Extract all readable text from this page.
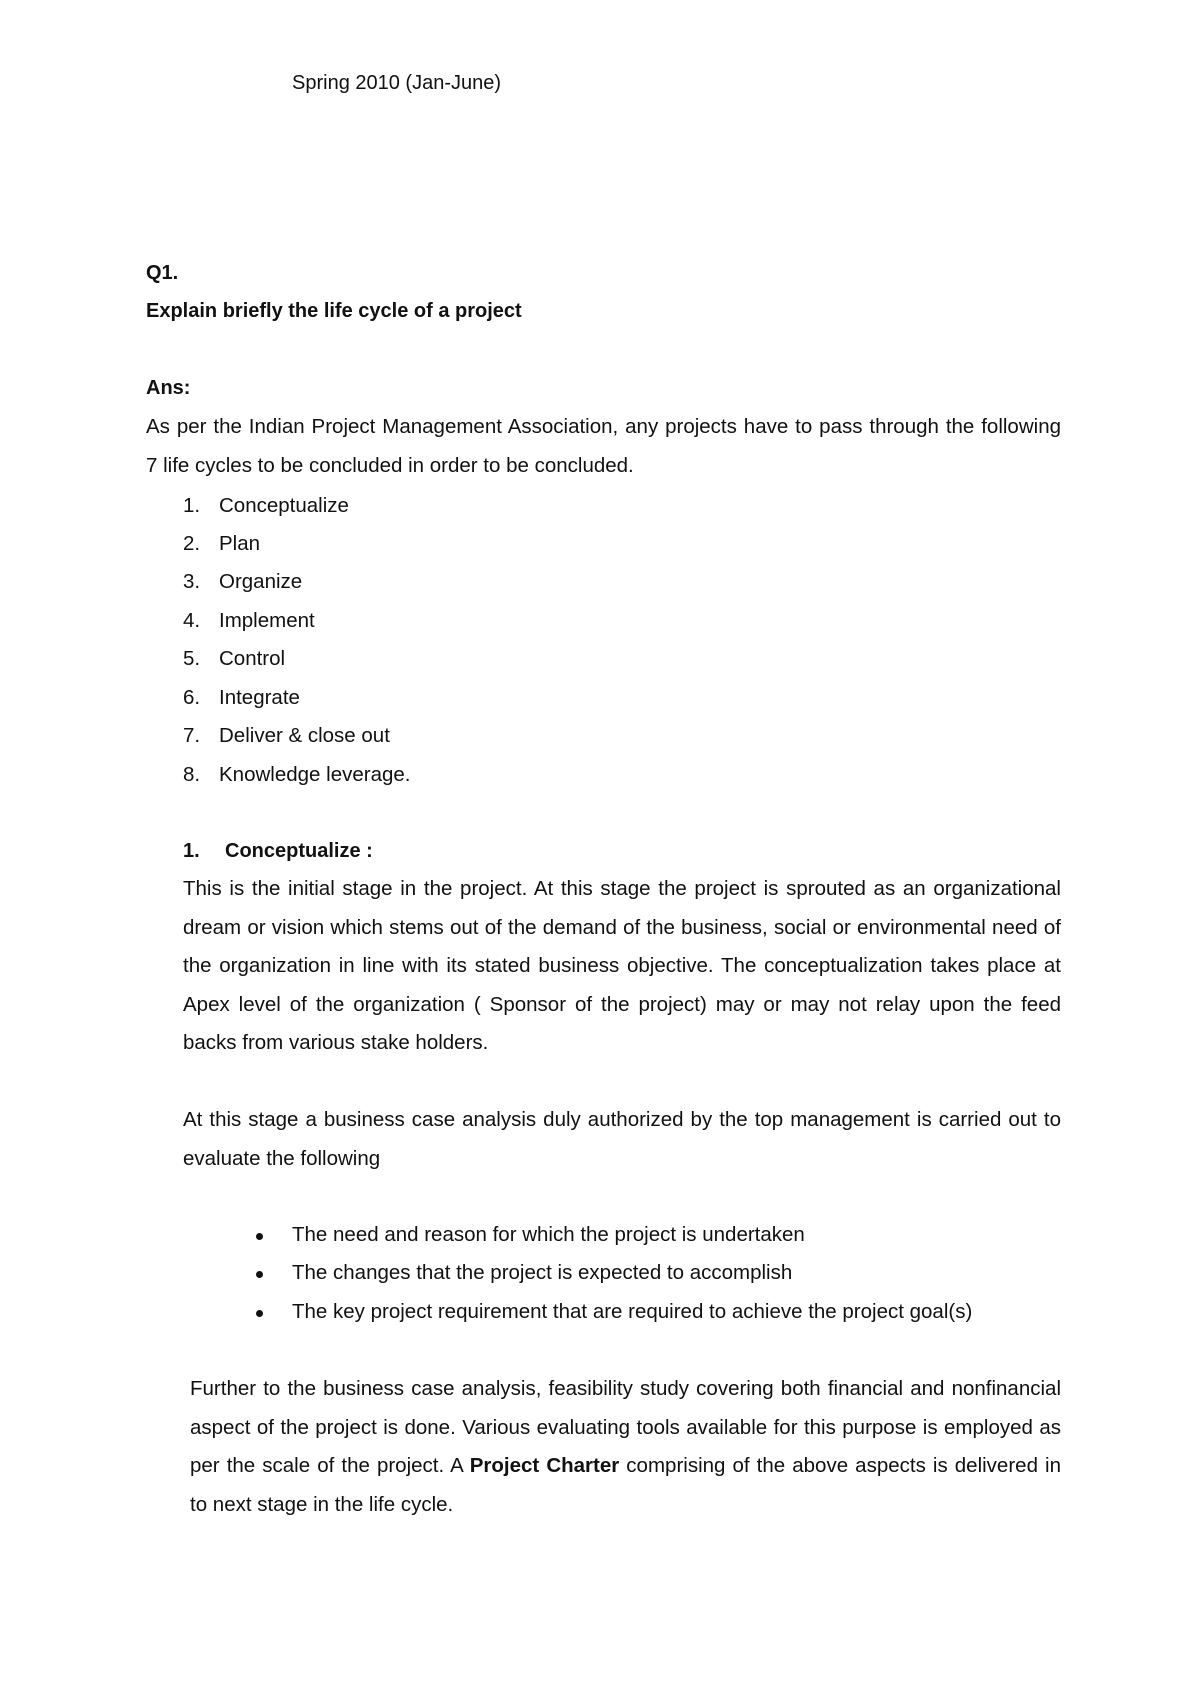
Spring 2010 (Jan-June)
Q1.
Explain briefly the life cycle of a project
Ans:
As per the Indian Project Management Association, any projects have to pass through the following 7 life cycles to be concluded in order to be concluded.
1. Conceptualize
2. Plan
3. Organize
4. Implement
5. Control
6. Integrate
7. Deliver & close out
8. Knowledge leverage.
1. Conceptualize :
This is the initial stage in the project. At this stage the project is sprouted as an organizational dream or vision which stems out of the demand of the business, social or environmental need of the organization in line with its stated business objective. The conceptualization takes place at Apex level of the organization ( Sponsor of the project) may or may not relay upon the feed backs from various stake holders.
At this stage a business case analysis duly authorized by the top management is carried out to evaluate the following
The need and reason for which the project is undertaken
The changes that the project is expected to accomplish
The key project requirement that are required to achieve the project goal(s)
Further to the business case analysis, feasibility study covering both financial and nonfinancial aspect of the project is done. Various evaluating tools available for this purpose is employed as per the scale of the project. A Project Charter comprising of the above aspects is delivered in to next stage in the life cycle.
